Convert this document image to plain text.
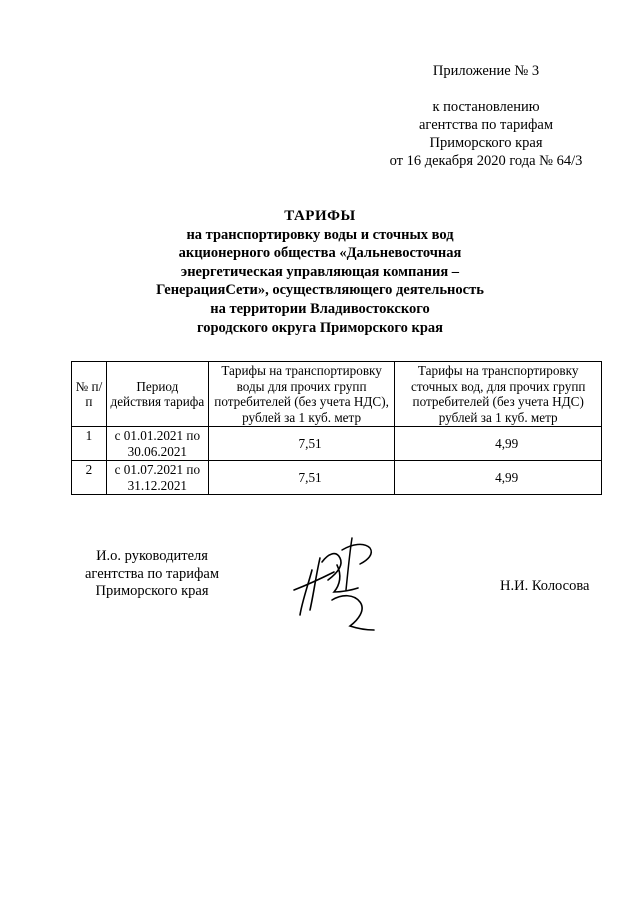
Приложение № 3
к постановлению
агентства по тарифам
Приморского края
от 16 декабря 2020 года № 64/3
ТАРИФЫ
на транспортировку воды и сточных вод
акционерного общества «Дальневосточная
энергетическая управляющая компания –
ГенерацияСети», осуществляющего деятельность
на территории Владивостокского
городского округа Приморского края
№ п/п	Период действия тарифа	Тарифы на транспортировку воды для прочих групп потребителей (без учета НДС), рублей за 1 куб. метр	Тарифы на транспортировку сточных вод, для прочих групп потребителей (без учета НДС) рублей за 1 куб. метр
1	с 01.01.2021 по 30.06.2021	7,51	4,99
2	с 01.07.2021 по 31.12.2021	7,51	4,99
И.о. руководителя
агентства по тарифам
Приморского края	Н.И. Колосова
